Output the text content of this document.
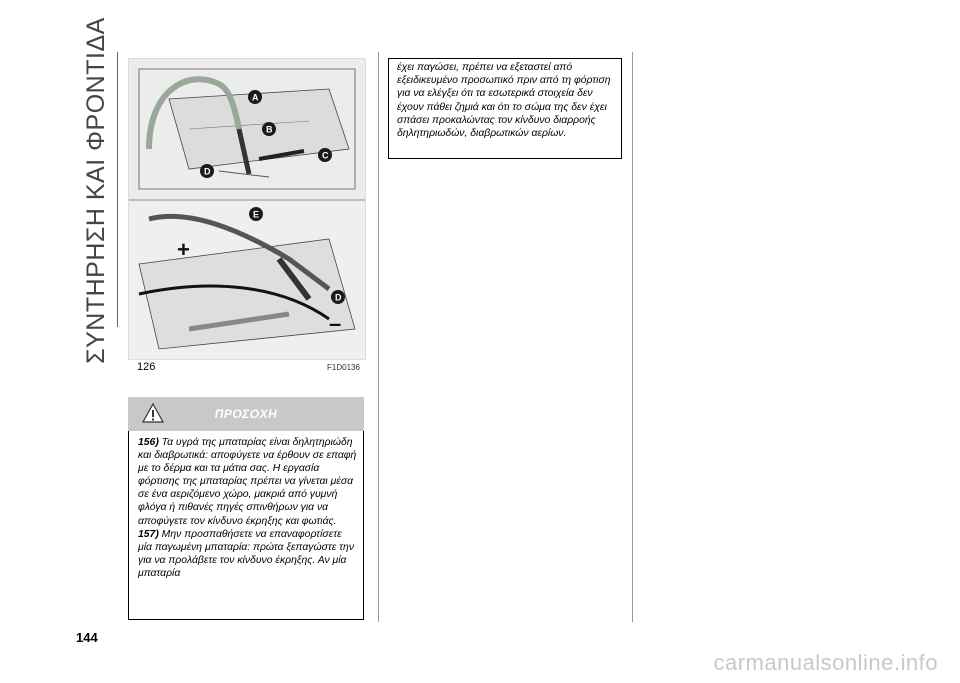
ΣΥΝΤΗΡΗΣΗ ΚΑΙ ΦΡΟΝΤΙΔΑ	A
B
C
D
E
D
+
–
126	F1D0136
ΠΡΟΣΟΧΗ
156) Τα υγρά της μπαταρίας είναι δηλητηριώδη και διαβρωτικά: αποφύγετε να έρθουν σε επαφή με το δέρμα και τα μάτια σας. Η εργασία φόρτισης της μπαταρίας πρέπει να γίνεται μέσα σε ένα αεριζόμενο χώρο, μακριά από γυμνή φλόγα ή πιθανές πηγές σπινθήρων για να αποφύγετε τον κίνδυνο έκρηξης και φωτιάς.
157) Μην προσπαθήσετε να επαναφορτίσετε μία παγωμένη μπαταρία: πρώτα ξεπαγώστε την για να προλάβετε τον κίνδυνο έκρηξης. Αν μία μπαταρία
έχει παγώσει, πρέπει να εξεταστεί από εξειδικευμένο προσωπικό πριν από τη φόρτιση για να ελέγξει ότι τα εσωτερικά στοιχεία δεν έχουν πάθει ζημιά και ότι το σώμα της δεν έχει σπάσει προκαλώντας τον κίνδυνο διαρροής δηλητηριωδών, διαβρωτικών αερίων.
144
carmanualsonline.info
